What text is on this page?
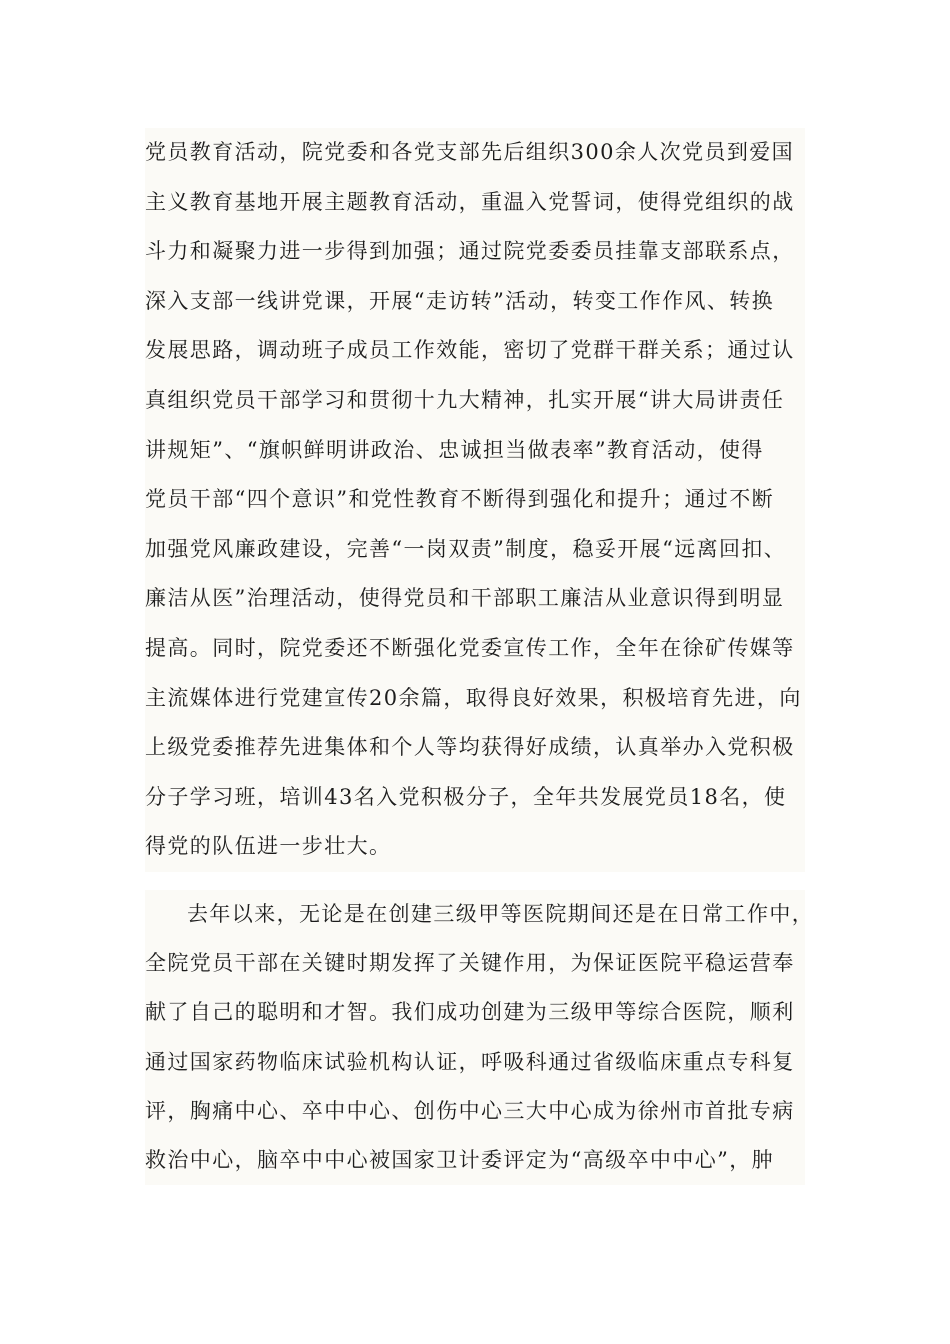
党员教育活动，院党委和各党支部先后组织300余人次党员到爱国
主义教育基地开展主题教育活动，重温入党誓词，使得党组织的战
斗力和凝聚力进一步得到加强；通过院党委委员挂靠支部联系点，
深入支部一线讲党课，开展“走访转”活动，转变工作作风、转换
发展思路，调动班子成员工作效能，密切了党群干群关系；通过认
真组织党员干部学习和贯彻十九大精神，扎实开展“讲大局讲责任
讲规矩”、“旗帜鲜明讲政治、忠诚担当做表率”教育活动，使得
党员干部“四个意识”和党性教育不断得到强化和提升；通过不断
加强党风廉政建设，完善“一岗双责”制度，稳妥开展“远离回扣、
廉洁从医”治理活动，使得党员和干部职工廉洁从业意识得到明显
提高。同时，院党委还不断强化党委宣传工作，全年在徐矿传媒等
主流媒体进行党建宣传20余篇，取得良好效果，积极培育先进，向
上级党委推荐先进集体和个人等均获得好成绩，认真举办入党积极
分子学习班，培训43名入党积极分子，全年共发展党员18名，使
得党的队伍进一步壮大。
去年以来，无论是在创建三级甲等医院期间还是在日常工作中，
全院党员干部在关键时期发挥了关键作用，为保证医院平稳运营奉
献了自己的聪明和才智。我们成功创建为三级甲等综合医院，顺利
通过国家药物临床试验机构认证，呼吸科通过省级临床重点专科复
评，胸痛中心、卒中中心、创伤中心三大中心成为徐州市首批专病
救治中心，脑卒中中心被国家卫计委评定为“高级卒中中心”，肿
